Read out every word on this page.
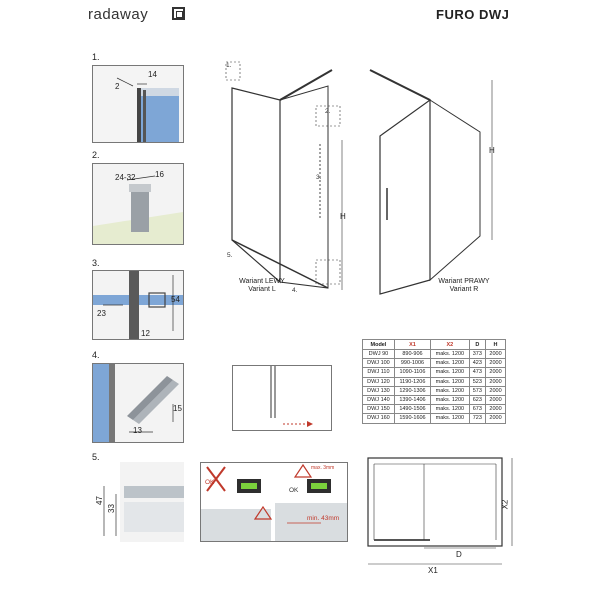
radaway	FURO DWJ
1.
2.
3.
4.
5.
14
2
24-32 16
54
23
12
15
13
47
33
1.
2.
3.
4.
5.
H
H
Wariant LEWY
Variant L
Wariant PRAWY
Variant R
Model	X1	X2	D	H
DWJ 90	890-906	maks. 1200	373	2000
DWJ 100	990-1006	maks. 1200	423	2000
DWJ 110	1090-1106	maks. 1200	473	2000
DWJ 120	1190-1206	maks. 1200	523	2000
DWJ 130	1290-1306	maks. 1200	573	2000
DWJ 140	1390-1406	maks. 1200	623	2000
DWJ 150	1490-1506	maks. 1200	673	2000
DWJ 160	1590-1606	maks. 1200	723	2000
OK
OK
max. 3mm
min. 43mm
D
X1
X2
